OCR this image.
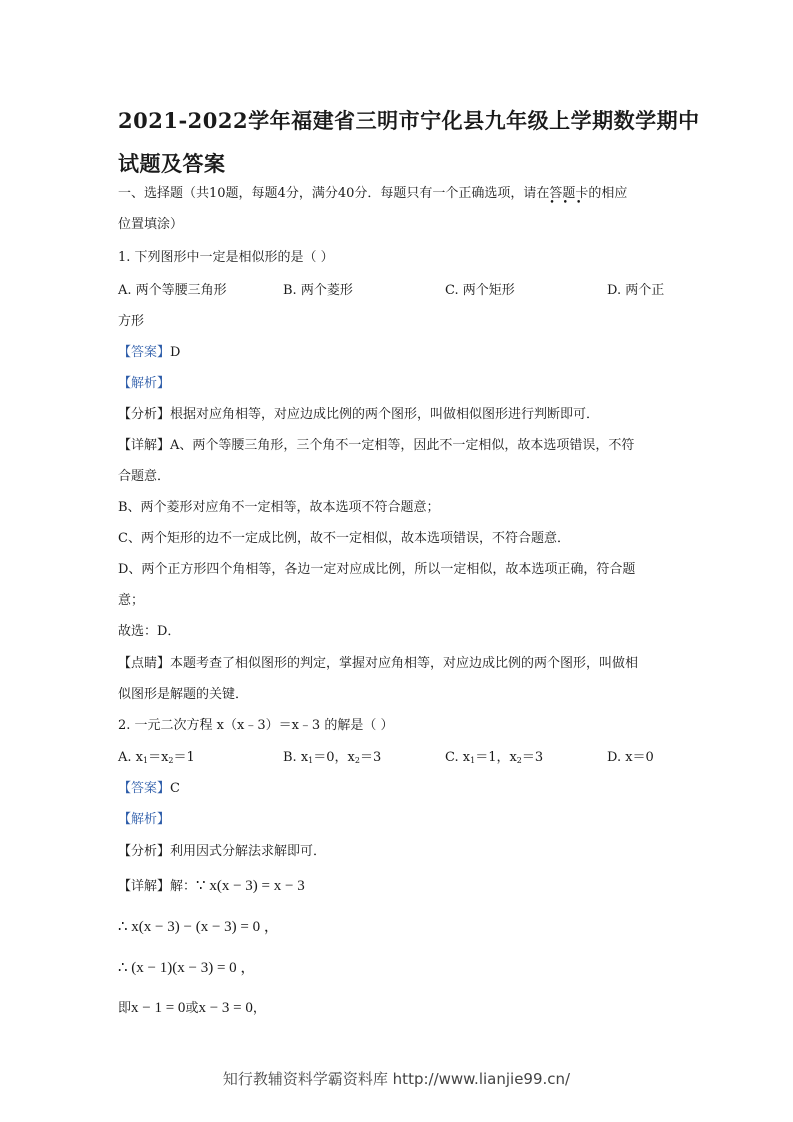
2021-2022学年福建省三明市宁化县九年级上学期数学期中
试题及答案
一、选择题（共10题，每题4分，满分40分．每题只有一个正确选项，请在答题卡
•••
的相应
位置填涂）
1. 下列图形中一定是相似形的是（ ）
A. 两个等腰三角形	B. 两个菱形	C. 两个矩形	D. 两个正
方形
【答案】D
【解析】
【分析】根据对应角相等，对应边成比例的两个图形，叫做相似图形进行判断即可．
【详解】A、两个等腰三角形，三个角不一定相等，因此不一定相似，故本选项错误，不符
合题意．
B、两个菱形对应角不一定相等，故本选项不符合题意；
C、两个矩形的边不一定成比例，故不一定相似，故本选项错误，不符合题意．
D、两个正方形四个角相等，各边一定对应成比例，所以一定相似，故本选项正确，符合题
意；
故选：D．
【点睛】本题考查了相似图形的判定，掌握对应角相等，对应边成比例的两个图形，叫做相
似图形是解题的关键．
2. 一元二次方程 x（x﹣3）＝x﹣3 的解是（ ）
A. $x_1=x_2=1$	B. $x_1=0$，$x_2=3$	C. $x_1=1$，$x_2=3$	D. x＝0
【答案】C
【解析】
【分析】利用因式分解法求解即可．
【详解】解：∵ x(x − 3) = x − 3
∴ x(x − 3) − (x − 3) = 0 ，
∴ (x − 1)(x − 3) = 0 ，
即x − 1 = 0或x − 3 = 0，
知行教辅资料学霸资料库 http://www.lianjie99.cn/
